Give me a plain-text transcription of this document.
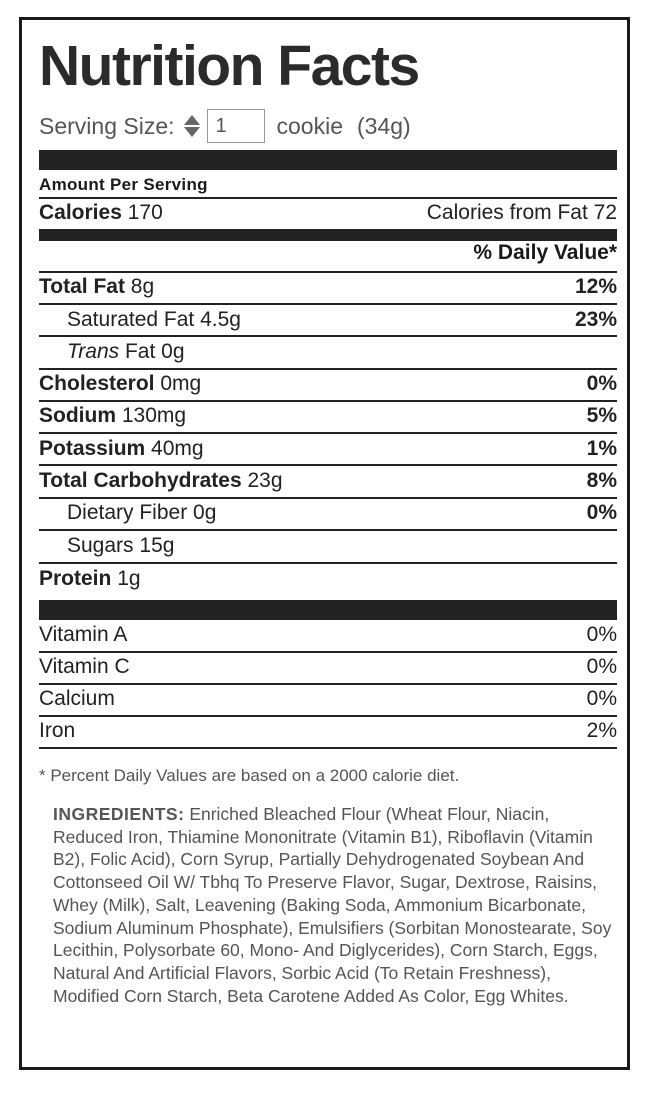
Nutrition Facts
Serving Size:
1	cookie (34g)
Amount Per Serving
Calories 170	Calories from Fat 72
% Daily Value*
Total Fat 8g	12%
Saturated Fat 4.5g	23%
Trans Fat 0g
Cholesterol 0mg	0%
Sodium 130mg	5%
Potassium 40mg	1%
Total Carbohydrates 23g	8%
Dietary Fiber 0g	0%
Sugars 15g
Protein 1g
Vitamin A	0%
Vitamin C	0%
Calcium	0%
Iron	2%
* Percent Daily Values are based on a 2000 calorie diet.
INGREDIENTS: Enriched Bleached Flour (Wheat Flour, Niacin, Reduced Iron, Thiamine Mononitrate (Vitamin B1), Riboflavin (Vitamin B2), Folic Acid), Corn Syrup, Partially Dehydrogenated Soybean And Cottonseed Oil W/ Tbhq To Preserve Flavor, Sugar, Dextrose, Raisins, Whey (Milk), Salt, Leavening (Baking Soda, Ammonium Bicarbonate, Sodium Aluminum Phosphate), Emulsifiers (Sorbitan Monostearate, Soy Lecithin, Polysorbate 60, Mono- And Diglycerides), Corn Starch, Eggs, Natural And Artificial Flavors, Sorbic Acid (To Retain Freshness), Modified Corn Starch, Beta Carotene Added As Color, Egg Whites.
